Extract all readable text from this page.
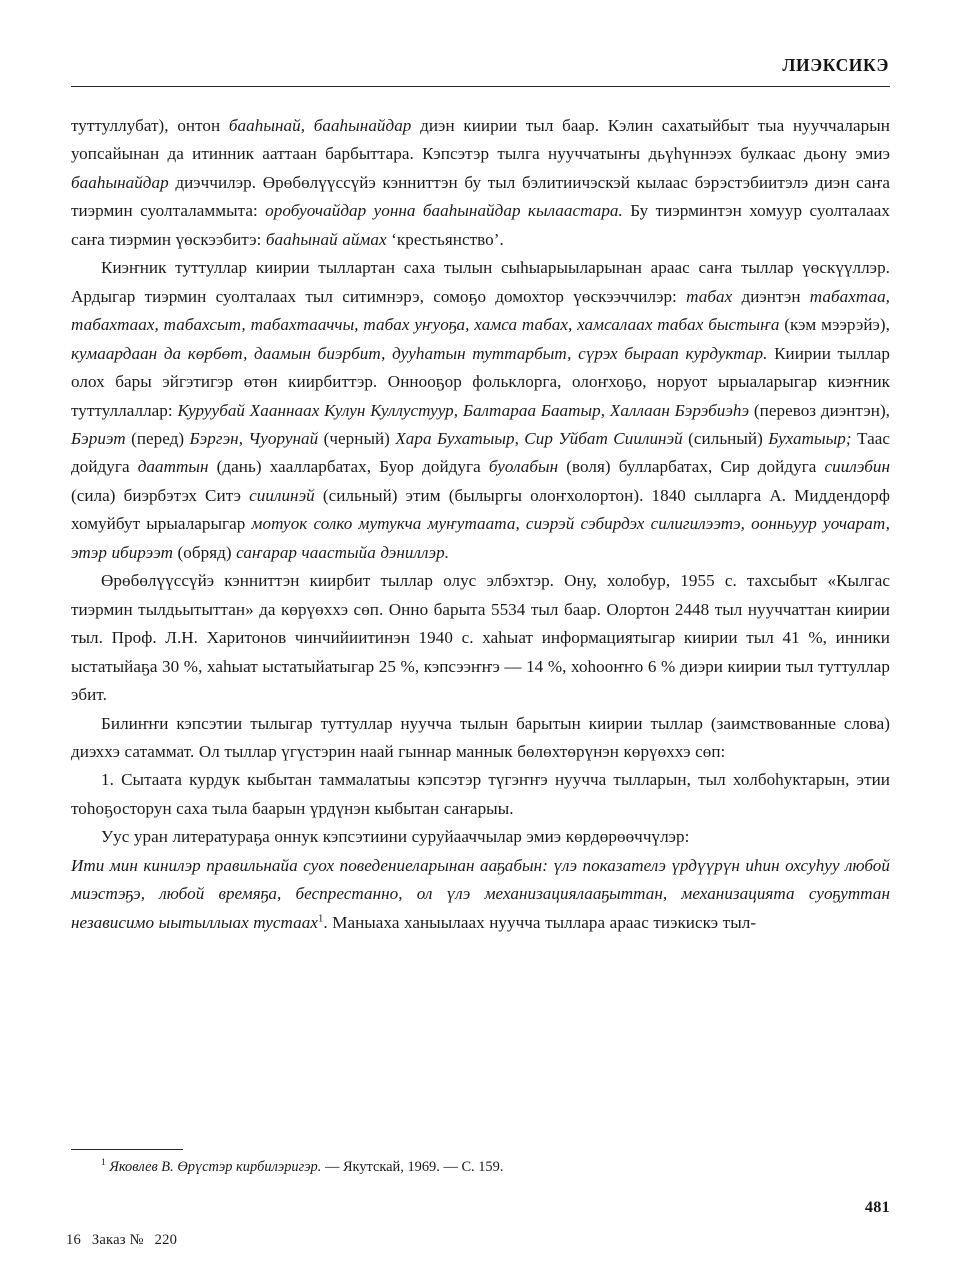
ЛИЭКСИКЭ

туттуллубат), онтон бааһынай, бааһынайдар диэн киирии тыл баар. Кэлин сахатыйбыт тыа нууччаларын уопсайынан да итинник ааттаан барбыттара. Кэпсэтэр тылга нууччатыҥы дьүһүннээх булкаас дьону эмиэ бааһынайдар диэччилэр. Өрөбөлүүссүйэ кэнниттэн бу тыл бэлитиичэскэй кылаас бэрэстэбиитэлэ диэн саҥа тиэрмин суолталаммыта: оробуочайдар уонна бааһынайдар кылаастара. Бу тиэрминтэн хомуур суолталаах саҥа тиэрмин үөскээбитэ: бааһынай аймах ‘крестьянство’.

Киэҥник туттуллар киирии тыллартан саха тылын сыһыарыыларынан араас саҥа тыллар үөскүүллэр. Ардыгар тиэрмин суолталаах тыл ситимнэрэ, сомоҕо домохтор үөскээччилэр: табах диэнтэн табахтаа, табахтаах, табахсыт, табахтааччы, табах уҥуоҕа, хамса табах, хамсалаах табах быстыҥа (кэм мээрэйэ), кумаардаан да көрбөт, даамын биэрбит, дууһатын туттарбыт, сүрэх быраап курдуктар. Киирии тыллар олох бары эйгэтигэр өтөн киирбиттэр. Оннооҕор фольклорга, олоҥхоҕо, норуот ырыаларыгар киэҥник туттуллаллар: Куруубай Хааннаах Кулун Куллустуур, Балтараа Баатыр, Халлаан Бэрэбиэһэ (перевоз диэнтэн), Бэриэт (перед) Бэргэн, Чуорунай (черный) Хара Бухатыыр, Сир Уйбат Сиилинэй (сильный) Бухатыыр; Таас дойдуга даammын (дань) хаалларбатах, Буор дойдуга буолабын (воля) булларбатах, Сир дойдуга сиилэбин (сила) биэрбэтэх Ситэ сиилинэй (сильный) этим (былыргы олоҥхолортон). 1840 сылларга А. Миддендорф хомуйбут ырыаларыгар мотуок солко мутукча муҥутаата, сиэрэй сэбирдэх силигилээтэ, оонньуур уочарат, этэр ибирээт (обряд) саҥарар чаастыйа дэниллэр.

Өрөбөлүүссүйэ кэнниттэн киирбит тыллар олус элбэхтэр. Ону, холобур, 1955 с. тахсыбыт «Кылгас тиэрмин тылдьытыттан» да көрүөххэ сөп. Онно барыта 5534 тыл баар. Олортон 2448 тыл нууччаттан киирии тыл. Проф. Л.Н. Харитонов чинчийиитинэн 1940 с. хаһыат информациятыгар киирии тыл 41 %, инники ыстатыйаҕа 30 %, хаһыат ыстатыйатыгар 25 %, кэпсээҥҥэ — 14 %, хоһооҥҥо 6 % диэри киирии тыл туттуллар эбит.

Билиҥҥи кэпсэтии тылыгар туттуллар нуучча тылын барытын киирии тыллар (заимствованные слова) диэххэ сатаммат. Ол тыллар үгүстэрин наай гыннар маннык бөлөхтөрүнэн көрүөххэ сөп:

1. Сытаата курдук кыбытан таммалатыы кэпсэтэр түгэҥҥэ нуучча тылларын, тыл холбоһуктарын, этии тоһоҕосторун саха тыла баарын үрдүнэн кыбытан саҥарыы.

Уус уран литератураҕа оннук кэпсэтиини суруйааччылар эмиэ көрдөрөөччүлэр:

Ити мин кинилэр правильнайа суох поведениеларынан ааҕабын: үлэ показателэ үрдүүрүн иһин охсуһуу любой миэстэҕэ, любой времяҕа, беспрестанно, ол үлэ механизациялааҕыттан, механизацията суоҕуттан независимо ыытыллыах тустаах$^1$. Маныаха ханыылаах нуучча тыллара араас тиэкискэ тыл-

$^1$ Яковлев В. Өрүстэр кирбилэригэр. — Якутскай, 1969. — С. 159.
481
16 Заказ № 220
